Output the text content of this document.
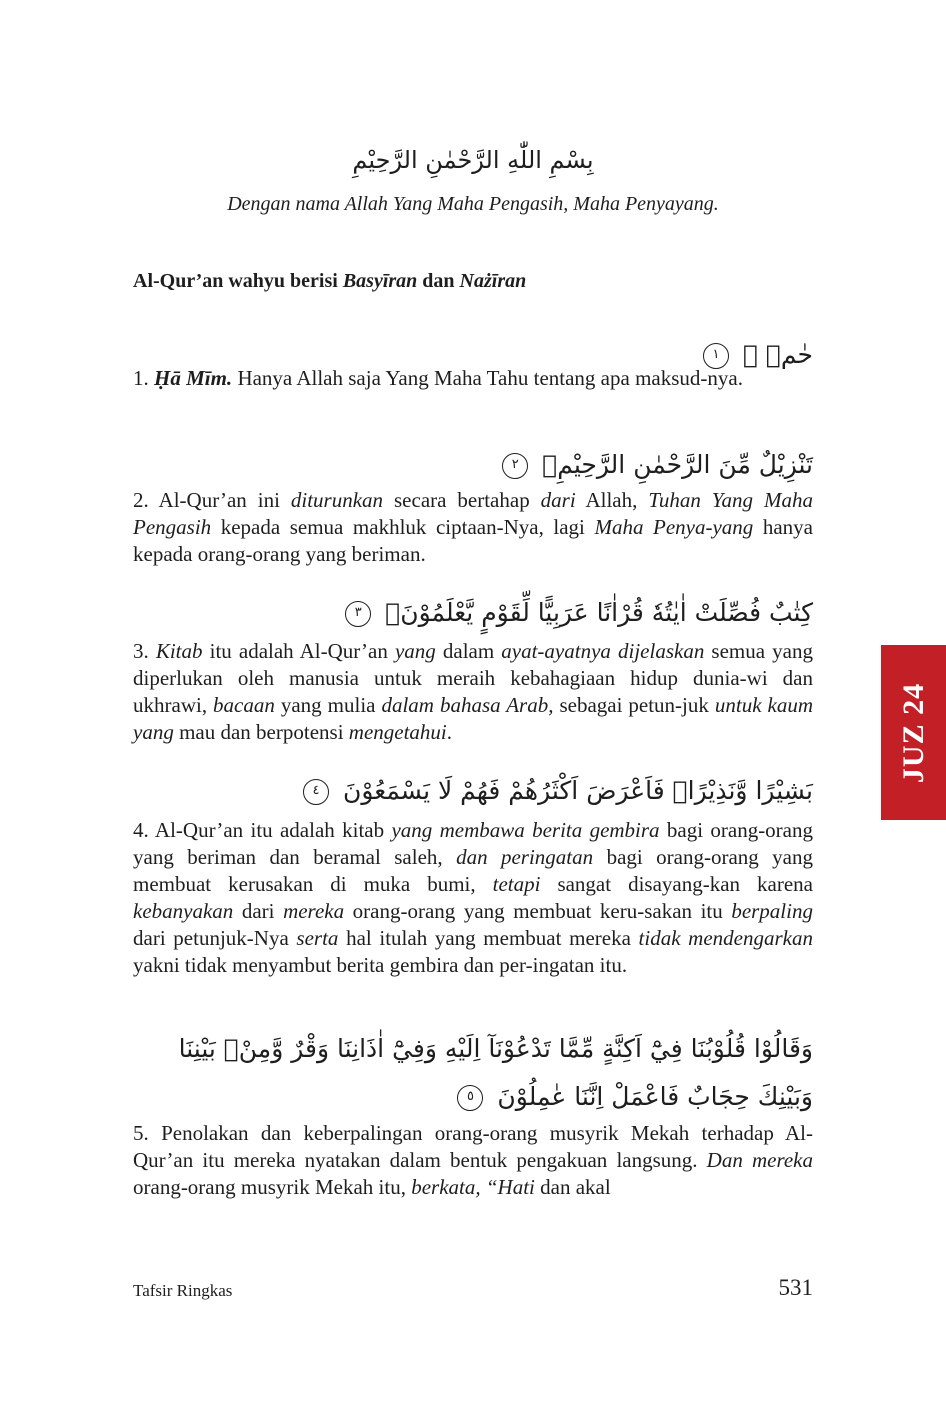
بِسْمِ اللّٰهِ الرَّحْمٰنِ الرَّحِيْمِ
Dengan nama Allah Yang Maha Pengasih, Maha Penyayang.
Al-Qur’an wahyu berisi Basyīran dan Nażīran
حٰمۤ ۚ ١
1. Ḥā Mīm. Hanya Allah saja Yang Maha Tahu tentang apa maksud-nya.
تَنْزِيْلٌ مِّنَ الرَّحْمٰنِ الرَّحِيْمِۚ ٢
2. Al-Qur’an ini diturunkan secara bertahap dari Allah, Tuhan Yang Maha Pengasih kepada semua makhluk ciptaan-Nya, lagi Maha Penya-yang hanya kepada orang-orang yang beriman.
كِتٰبٌ فُصِّلَتْ اٰيٰتُهٗ قُرْاٰنًا عَرَبِيًّا لِّقَوْمٍ يَّعْلَمُوْنَۙ ٣
3. Kitab itu adalah Al-Qur’an yang dalam ayat-ayatnya dijelaskan semua yang diperlukan oleh manusia untuk meraih kebahagiaan hidup dunia-wi dan ukhrawi, bacaan yang mulia dalam bahasa Arab, sebagai petun-juk untuk kaum yang mau dan berpotensi mengetahui.
بَشِيْرًا وَّنَذِيْرًاۚ فَاَعْرَضَ اَكْثَرُهُمْ فَهُمْ لَا يَسْمَعُوْنَ ٤
4. Al-Qur’an itu adalah kitab yang membawa berita gembira bagi orang-orang yang beriman dan beramal saleh, dan peringatan bagi orang-orang yang membuat kerusakan di muka bumi, tetapi sangat disayang-kan karena kebanyakan dari mereka orang-orang yang membuat keru-sakan itu berpaling dari petunjuk-Nya serta hal itulah yang membuat mereka tidak mendengarkan yakni tidak menyambut berita gembira dan per-ingatan itu.
وَقَالُوْا قُلُوْبُنَا فِيْٓ اَكِنَّةٍ مِّمَّا تَدْعُوْنَآ اِلَيْهِ وَفِيْٓ اٰذَانِنَا وَقْرٌ وَّمِنْۢ بَيْنِنَا وَبَيْنِكَ حِجَابٌ فَاعْمَلْ اِنَّنَا عٰمِلُوْنَ ٥
5. Penolakan dan keberpalingan orang-orang musyrik Mekah terhadap Al-Qur’an itu mereka nyatakan dalam bentuk pengakuan langsung. Dan mereka orang-orang musyrik Mekah itu, berkata, “Hati dan akal
JUZ 24
Tafsir Ringkas	531
